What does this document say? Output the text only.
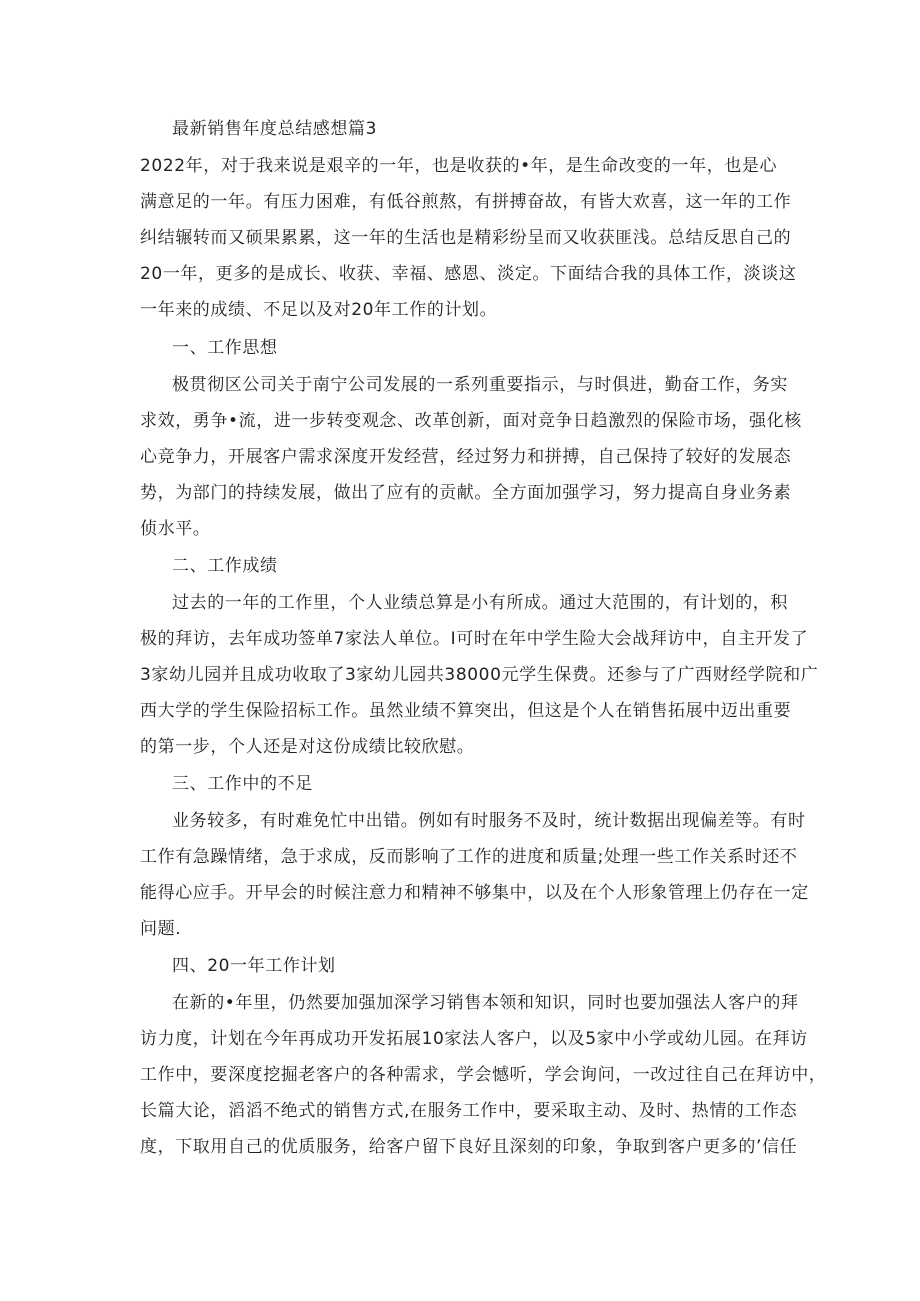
最新销售年度总结感想篇3
2022年，对于我来说是艰辛的一年，也是收获的•年，是生命改变的一年，也是心
满意足的一年。有压力困难，有低谷煎熬，有拼搏奋故，有皆大欢喜，这一年的工作
纠结辗转而又硕果累累，这一年的生活也是精彩纷呈而又收获匪浅。总结反思自己的
20一年，更多的是成长、收获、幸福、感恩、淡定。下面结合我的具体工作，淡谈这
一年来的成绩、不足以及对20年工作的计划。
一、工作思想
极贯彻区公司关于南宁公司发展的一系列重要指示，与时俱进，勤奋工作，务实
求效，勇争•流，进一步转变观念、改革创新，面对竞争日趋激烈的保险市场，强化核
心竞争力，开展客户需求深度开发经营，经过努力和拼搏，自己保持了较好的发展态
势，为部门的持续发展，做出了应有的贡献。全方面加强学习，努力提高自身业务素
侦水平。
二、工作成绩
过去的一年的工作里，个人业绩总算是小有所成。通过大范围的，有计划的，积
极的拜访，去年成功签单7家法人单位。I可时在年中学生险大会战拜访中，自主开发了
3家幼儿园并且成功收取了3家幼儿园共38000元学生保费。还参与了广西财经学院和广
西大学的学生保险招标工作。虽然业绩不算突出，但这是个人在销售拓展中迈出重要
的第一步，个人还是对这份成绩比较欣慰。
三、工作中的不足
业务较多，有时难免忙中出错。例如有时服务不及时，统计数据出现偏差等。有时
工作有急躁情绪，急于求成，反而影响了工作的进度和质量;处理一些工作关系时还不
能得心应手。开早会的时候注意力和精神不够集中，以及在个人形象管理上仍存在一定
问题.
四、20一年工作计划
在新的•年里，仍然要加强加深学习销售本领和知识，同时也要加强法人客户的拜
访力度，计划在今年再成功开发拓展10家法人客户，以及5家中小学或幼儿园。在拜访
工作中，要深度挖掘老客户的各种需求，学会憾听，学会询问，一改过往自己在拜访中，
长篇大论，滔滔不绝式的销售方式,在服务工作中，要采取主动、及时、热情的工作态
度，下取用自己的优质服务，给客户留下良好且深刻的印象，争取到客户更多的’信任
